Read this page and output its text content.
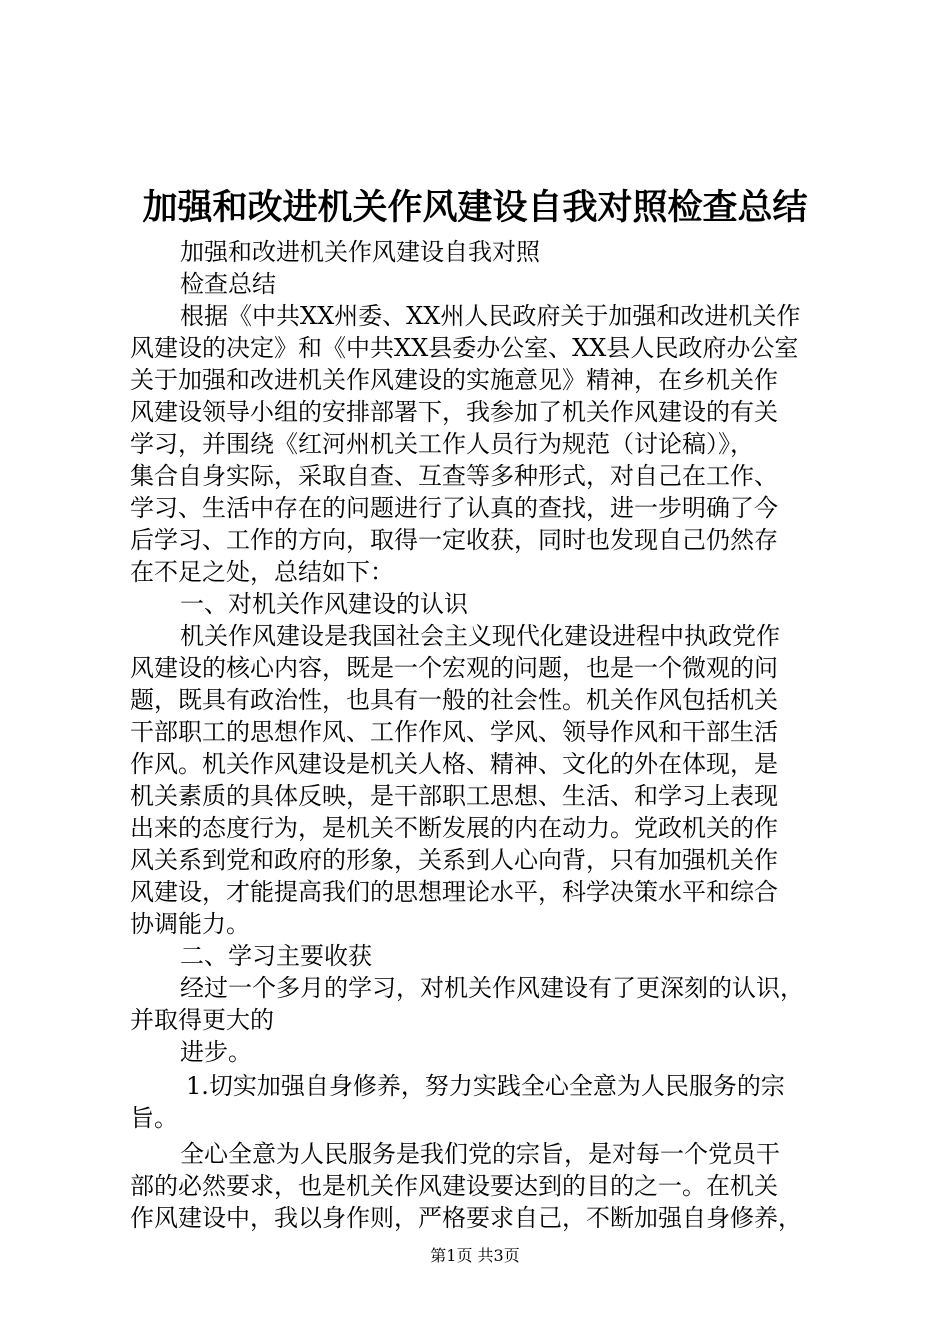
加强和改进机关作风建设自我对照检查总结

加强和改进机关作风建设自我对照

检查总结

根据《中共XX州委、XX州人民政府关于加强和改进机关作

风建设的决定》和《中共XX县委办公室、XX县人民政府办公室

关于加强和改进机关作风建设的实施意见》精神，在乡机关作

风建设领导小组的安排部署下，我参加了机关作风建设的有关

学习，并围绕《红河州机关工作人员行为规范（讨论稿）》，

集合自身实际，采取自查、互查等多种形式，对自己在工作、

学习、生活中存在的问题进行了认真的查找，进一步明确了今

后学习、工作的方向，取得一定收获，同时也发现自己仍然存

在不足之处，总结如下：

一、对机关作风建设的认识

机关作风建设是我国社会主义现代化建设进程中执政党作

风建设的核心内容，既是一个宏观的问题，也是一个微观的问

题，既具有政治性，也具有一般的社会性。机关作风包括机关

干部职工的思想作风、工作作风、学风、领导作风和干部生活

作风。机关作风建设是机关人格、精神、文化的外在体现，是

机关素质的具体反映，是干部职工思想、生活、和学习上表现

出来的态度行为，是机关不断发展的内在动力。党政机关的作

风关系到党和政府的形象，关系到人心向背，只有加强机关作

风建设，才能提高我们的思想理论水平，科学决策水平和综合

协调能力。

二、学习主要收获

经过一个多月的学习，对机关作风建设有了更深刻的认识，

并取得更大的

进步。

1.切实加强自身修养，努力实践全心全意为人民服务的宗

旨。

全心全意为人民服务是我们党的宗旨，是对每一个党员干

部的必然要求，也是机关作风建设要达到的目的之一。在机关

作风建设中，我以身作则，严格要求自己，不断加强自身修养，

第1页 共3页
